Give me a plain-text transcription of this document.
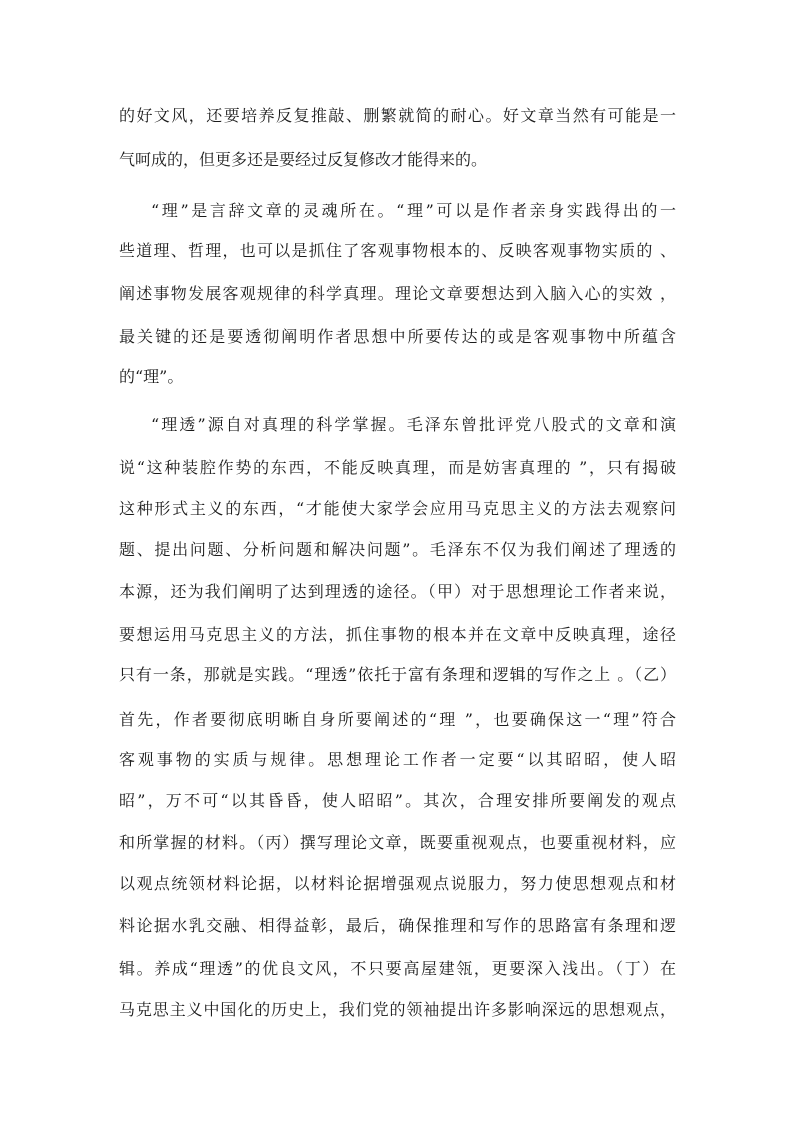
的好文风，还要培养反复推敲、删繁就简的耐心。好文章当然有可能是一
气呵成的，但更多还是要经过反复修改才能得来的。
“理”是言辞文章的灵魂所在。“理”可以是作者亲身实践得出的一
些道理、哲理，也可以是抓住了客观事物根本的、反映客观事物实质的 、
阐述事物发展客观规律的科学真理。理论文章要想达到入脑入心的实效 ，
最关键的还是要透彻阐明作者思想中所要传达的或是客观事物中所蕴含
的“理”。
“理透”源自对真理的科学掌握。毛泽东曾批评党八股式的文章和演
说“这种装腔作势的东西，不能反映真理，而是妨害真理的 ”，只有揭破
这种形式主义的东西，“才能使大家学会应用马克思主义的方法去观察问
题、提出问题、分析问题和解决问题”。毛泽东不仅为我们阐述了理透的
本源，还为我们阐明了达到理透的途径。（甲）对于思想理论工作者来说，
要想运用马克思主义的方法，抓住事物的根本并在文章中反映真理，途径
只有一条，那就是实践。“理透”依托于富有条理和逻辑的写作之上 。（乙）
首先，作者要彻底明晰自身所要阐述的“理 ”，也要确保这一“理”符合
客观事物的实质与规律。思想理论工作者一定要“以其昭昭，使人昭
昭”，万不可“以其昏昏，使人昭昭”。其次，合理安排所要阐发的观点
和所掌握的材料。（丙）撰写理论文章，既要重视观点，也要重视材料，应
以观点统领材料论据，以材料论据增强观点说服力，努力使思想观点和材
料论据水乳交融、相得益彰，最后，确保推理和写作的思路富有条理和逻
辑。养成“理透”的优良文风，不只要高屋建瓴，更要深入浅出。（丁）在
马克思主义中国化的历史上，我们党的领袖提出许多影响深远的思想观点，
